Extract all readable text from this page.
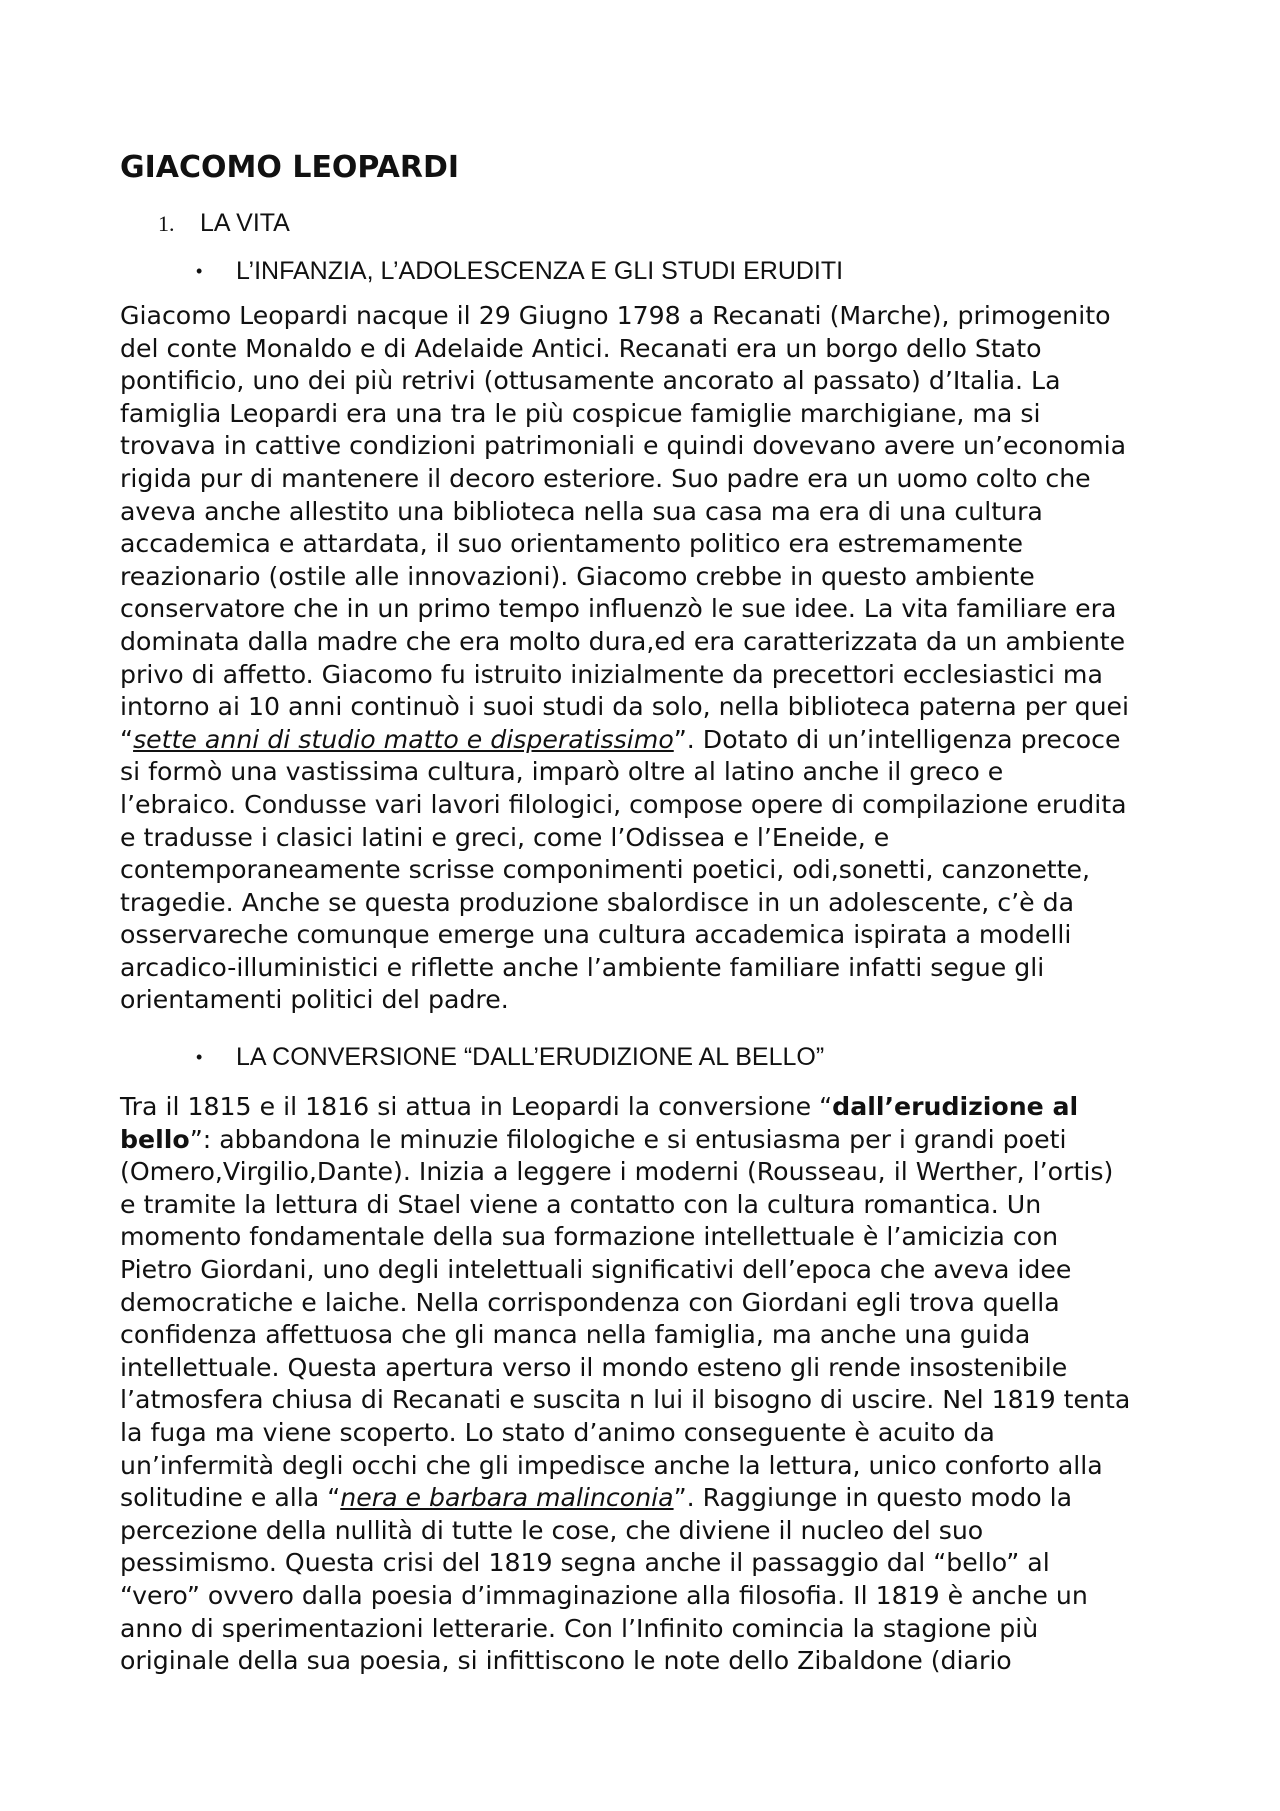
GIACOMO LEOPARDI
1. LA VITA
• L’INFANZIA, L’ADOLESCENZA E GLI STUDI ERUDITI
Giacomo Leopardi nacque il 29 Giugno 1798 a Recanati (Marche), primogenito
del conte Monaldo e di Adelaide Antici. Recanati era un borgo dello Stato
pontificio, uno dei più retrivi (ottusamente ancorato al passato) d’Italia. La
famiglia Leopardi era una tra le più cospicue famiglie marchigiane, ma si
trovava in cattive condizioni patrimoniali e quindi dovevano avere un’economia
rigida pur di mantenere il decoro esteriore. Suo padre era un uomo colto che
aveva anche allestito una biblioteca nella sua casa ma era di una cultura
accademica e attardata, il suo orientamento politico era estremamente
reazionario (ostile alle innovazioni). Giacomo crebbe in questo ambiente
conservatore che in un primo tempo influenzò le sue idee. La vita familiare era
dominata dalla madre che era molto dura,ed era caratterizzata da un ambiente
privo di affetto. Giacomo fu istruito inizialmente da precettori ecclesiastici ma
intorno ai 10 anni continuò i suoi studi da solo, nella biblioteca paterna per quei
“sette anni di studio matto e disperatissimo”. Dotato di un’intelligenza precoce
si formò una vastissima cultura, imparò oltre al latino anche il greco e
l’ebraico. Condusse vari lavori filologici, compose opere di compilazione erudita
e tradusse i clasici latini e greci, come l’Odissea e l’Eneide, e
contemporaneamente scrisse componimenti poetici, odi,sonetti, canzonette,
tragedie. Anche se questa produzione sbalordisce in un adolescente, c’è da
osservareche comunque emerge una cultura accademica ispirata a modelli
arcadico-illuministici e riflette anche l’ambiente familiare infatti segue gli
orientamenti politici del padre.
• LA CONVERSIONE “DALL’ERUDIZIONE AL BELLO”
Tra il 1815 e il 1816 si attua in Leopardi la conversione “dall’erudizione al
bello”: abbandona le minuzie filologiche e si entusiasma per i grandi poeti
(Omero,Virgilio,Dante). Inizia a leggere i moderni (Rousseau, il Werther, l’ortis)
e tramite la lettura di Stael viene a contatto con la cultura romantica. Un
momento fondamentale della sua formazione intellettuale è l’amicizia con
Pietro Giordani, uno degli intelettuali significativi dell’epoca che aveva idee
democratiche e laiche. Nella corrispondenza con Giordani egli trova quella
confidenza affettuosa che gli manca nella famiglia, ma anche una guida
intellettuale. Questa apertura verso il mondo esteno gli rende insostenibile
l’atmosfera chiusa di Recanati e suscita n lui il bisogno di uscire. Nel 1819 tenta
la fuga ma viene scoperto. Lo stato d’animo conseguente è acuito da
un’infermità degli occhi che gli impedisce anche la lettura, unico conforto alla
solitudine e alla “nera e barbara malinconia”. Raggiunge in questo modo la
percezione della nullità di tutte le cose, che diviene il nucleo del suo
pessimismo. Questa crisi del 1819 segna anche il passaggio dal “bello” al
“vero” ovvero dalla poesia d’immaginazione alla filosofia. Il 1819 è anche un
anno di sperimentazioni letterarie. Con l’Infinito comincia la stagione più
originale della sua poesia, si infittiscono le note dello Zibaldone (diario
